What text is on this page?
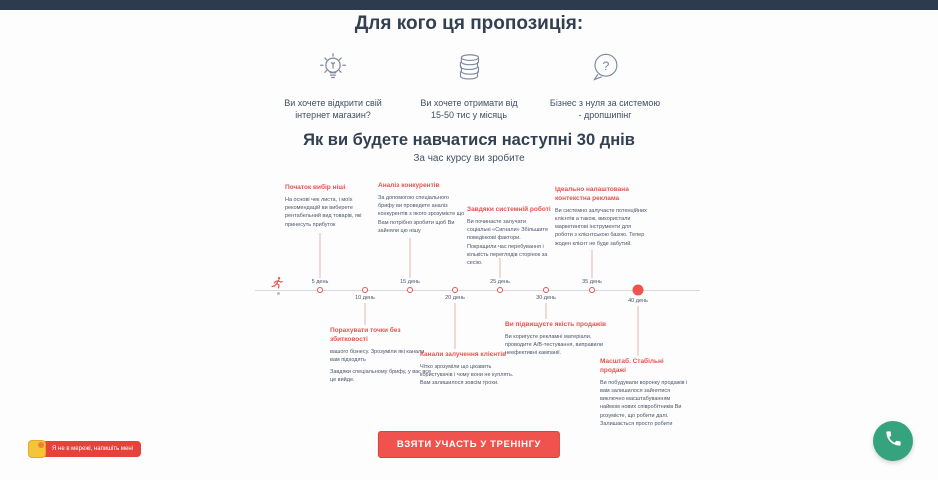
Для кого ця пропозиція:
Ви хочете відкрити свій інтернет магазин?
Ви хочете отримати від 15-50 тис у місяць
?
Бізнес з нуля за системою - дропшипінг
Як ви будете навчатися наступні 30 днів

За час курсу ви зробите

5 день
10 день
15 день
20 день
25 день
30 день
35 день
40 день
Початок вибір ніші

На основі чек листа, і моїх рекомендацій ви виберете рентабельний вид товарів, які принесуть прибуток

Аналіз конкурентів

За допомогою спеціального брифу ви проведете аналіз конкурентів з якого зрозумієте що Вам потрібно зробити щоб Ви зайняли цю нішу

Завдяки системній роботі

Ви починаєте залучати соціальні «Сигнали» Збільшите поведінкові фактори. Покращили час перебування і кількість переглядів сторінок за сесію.

Ідеально налаштована контекстна реклама

Ви системно залучаєте потенційних клієнтів а також, використали маркетингові інструменти для роботи з клієнтською базою. Тепер жоден клієнт не буде забутий.

Порахувати точки без збитковості

вашого бізнесу. Зрозуміли які канали вам підходять

Завдяки спеціальному брифу, у вас все це вийде.

Канали залучення клієнтів

Чітко зрозуміли що цікавить користувачів і чому вони не куплять. Вам залишилося зовсім трохи.

Ви підвищуєте якість продажів

Ви коригуєте рекламні матеріали, проводите А/В-тестування, виправили неефективні кампанії.

Масштаб. Стабільні продажі

Ви побудували воронку продажів і вам залишилося зайнятися виключно масштабуванням наймом нових співробітників Ви розумієте, що робити далі. Залишається просто робити

ВЗЯТИ УЧАСТЬ У ТРЕНІНГУ
Я не в мережі, напишіть мені
